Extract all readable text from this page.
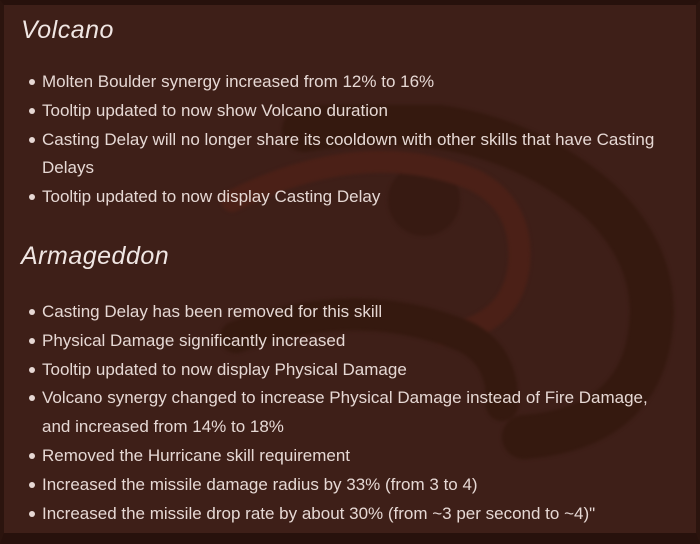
Volcano
Molten Boulder synergy increased from 12% to 16%
Tooltip updated to now show Volcano duration
Casting Delay will no longer share its cooldown with other skills that have Casting Delays
Tooltip updated to now display Casting Delay
Armageddon
Casting Delay has been removed for this skill
Physical Damage significantly increased
Tooltip updated to now display Physical Damage
Volcano synergy changed to increase Physical Damage instead of Fire Damage, and increased from 14% to 18%
Removed the Hurricane skill requirement
Increased the missile damage radius by 33% (from 3 to 4)
Increased the missile drop rate by about 30% (from ~3 per second to ~4)"
